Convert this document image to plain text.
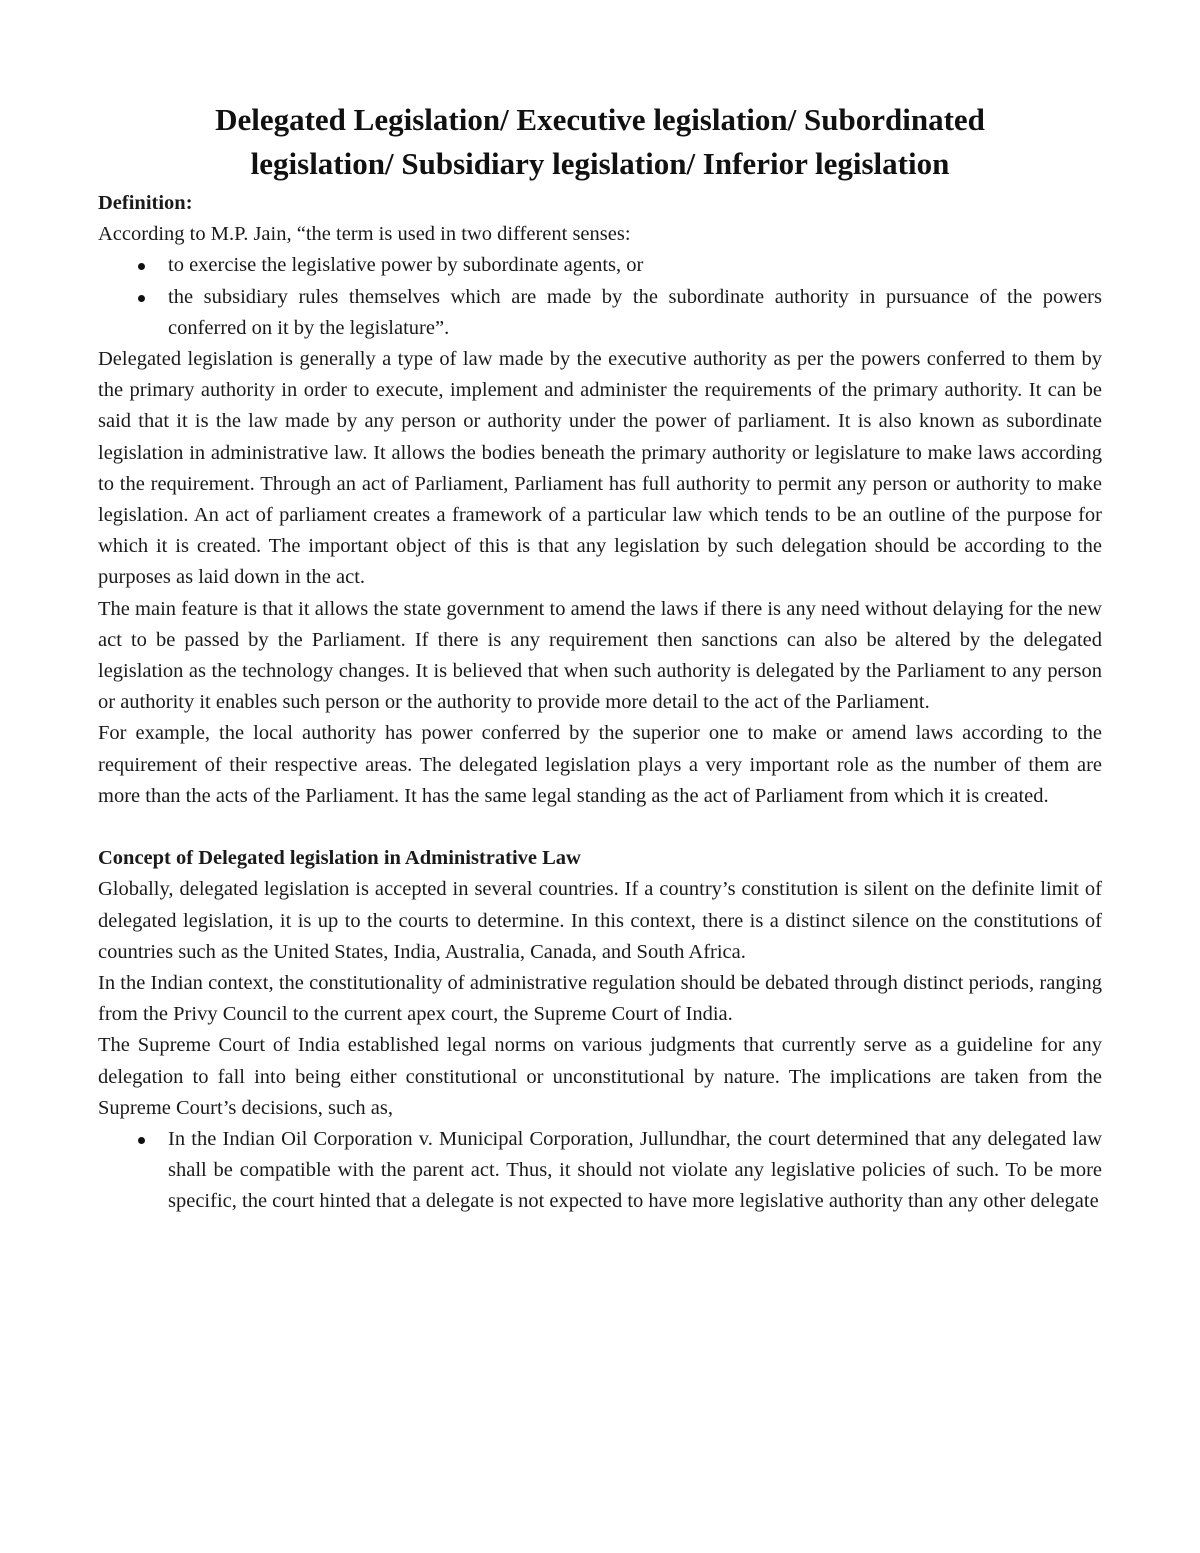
Delegated Legislation/ Executive legislation/ Subordinated
legislation/ Subsidiary legislation/ Inferior legislation

Definition:

According to M.P. Jain, “the term is used in two different senses:

to exercise the legislative power by subordinate agents, or
the subsidiary rules themselves which are made by the subordinate authority in pursuance of the powers conferred on it by the legislature”.

Delegated legislation is generally a type of law made by the executive authority as per the powers conferred to them by the primary authority in order to execute, implement and administer the requirements of the primary authority. It can be said that it is the law made by any person or authority under the power of parliament. It is also known as subordinate legislation in administrative law. It allows the bodies beneath the primary authority or legislature to make laws according to the requirement. Through an act of Parliament, Parliament has full authority to permit any person or authority to make legislation. An act of parliament creates a framework of a particular law which tends to be an outline of the purpose for which it is created. The important object of this is that any legislation by such delegation should be according to the purposes as laid down in the act.

The main feature is that it allows the state government to amend the laws if there is any need without delaying for the new act to be passed by the Parliament. If there is any requirement then sanctions can also be altered by the delegated legislation as the technology changes. It is believed that when such authority is delegated by the Parliament to any person or authority it enables such person or the authority to provide more detail to the act of the Parliament.

For example, the local authority has power conferred by the superior one to make or amend laws according to the requirement of their respective areas. The delegated legislation plays a very important role as the number of them are more than the acts of the Parliament. It has the same legal standing as the act of Parliament from which it is created.

Concept of Delegated legislation in Administrative Law

Globally, delegated legislation is accepted in several countries. If a country’s constitution is silent on the definite limit of delegated legislation, it is up to the courts to determine. In this context, there is a distinct silence on the constitutions of countries such as the United States, India, Australia, Canada, and South Africa.

In the Indian context, the constitutionality of administrative regulation should be debated through distinct periods, ranging from the Privy Council to the current apex court, the Supreme Court of India.

The Supreme Court of India established legal norms on various judgments that currently serve as a guideline for any delegation to fall into being either constitutional or unconstitutional by nature. The implications are taken from the Supreme Court’s decisions, such as,

In the Indian Oil Corporation v. Municipal Corporation, Jullundhar, the court determined that any delegated law shall be compatible with the parent act. Thus, it should not violate any legislative policies of such. To be more specific, the court hinted that a delegate is not expected to have more legislative authority than any other delegate
